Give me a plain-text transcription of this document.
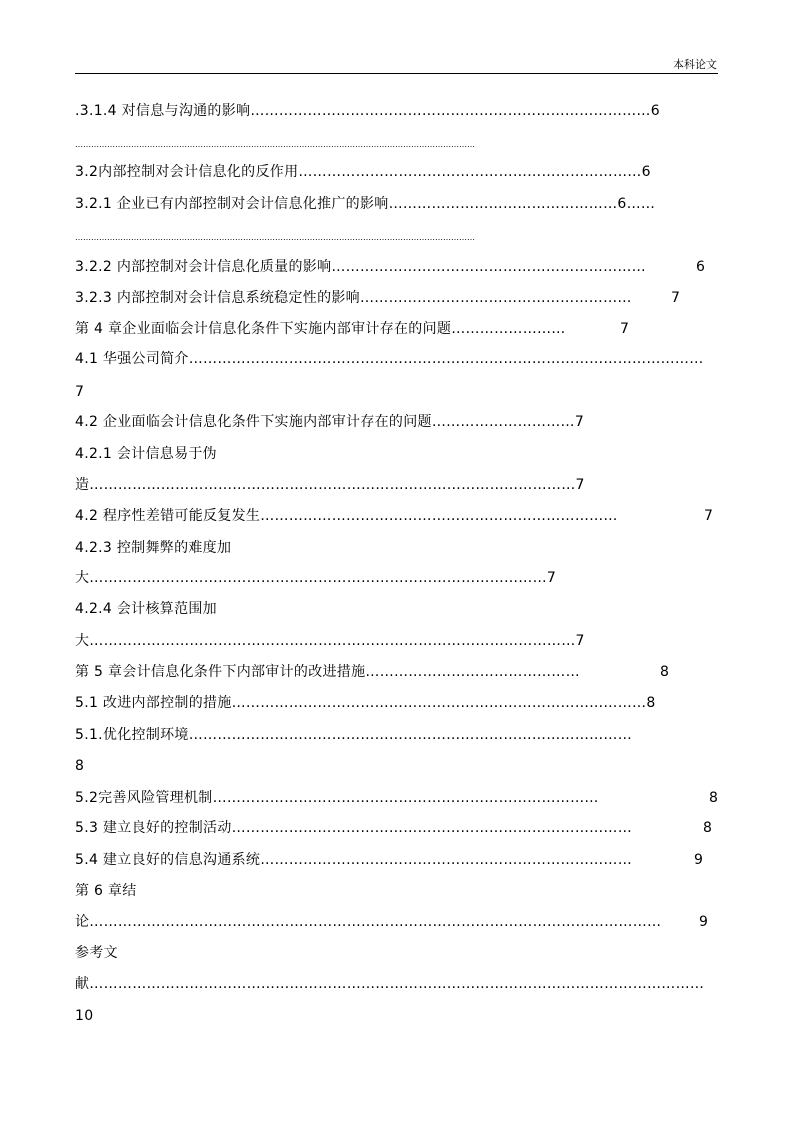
本科论文
.3.1.4 对信息与沟通的影响…………………………………………………………………………6
……………………………………………………………………………………………………………………………………
3.2内部控制对会计信息化的反作用………………………………………………………………6
3.2.1 企业已有内部控制对会计信息化推广的影响…………………………………………6……
……………………………………………………………………………………………………………………………………
3.2.2 内部控制对会计信息化质量的影响…………………………………………………………	6
3.2.3 内部控制对会计信息系统稳定性的影响…………………………………………………	7
第 4 章企业面临会计信息化条件下实施内部审计存在的问题……………………	7
4.1 华强公司简介………………………………………………………………………………………………
7
4.2 企业面临会计信息化条件下实施内部审计存在的问题…………………………7
4.2.1 会计信息易于伪
造…………………………………………………………………………………………7
4.2 程序性差错可能反复发生…………………………………………………………………	7
4.2.3 控制舞弊的难度加
大……………………………………………………………………………………7
4.2.4 会计核算范围加
大…………………………………………………………………………………………7
第 5 章会计信息化条件下内部审计的改进措施………………………………………	8
5.1 改进内部控制的措施……………………………………………………………………………8
5.1.优化控制环境…………………………………………………………………………………
8
5.2完善风险管理机制………………………………………………………………………	8
5.3 建立良好的控制活动…………………………………………………………………………	8
5.4 建立良好的信息沟通系统……………………………………………………………………	9
第 6 章结
论…………………………………………………………………………………………………………	9
参考文
献…………………………………………………………………………………………………………………
10
